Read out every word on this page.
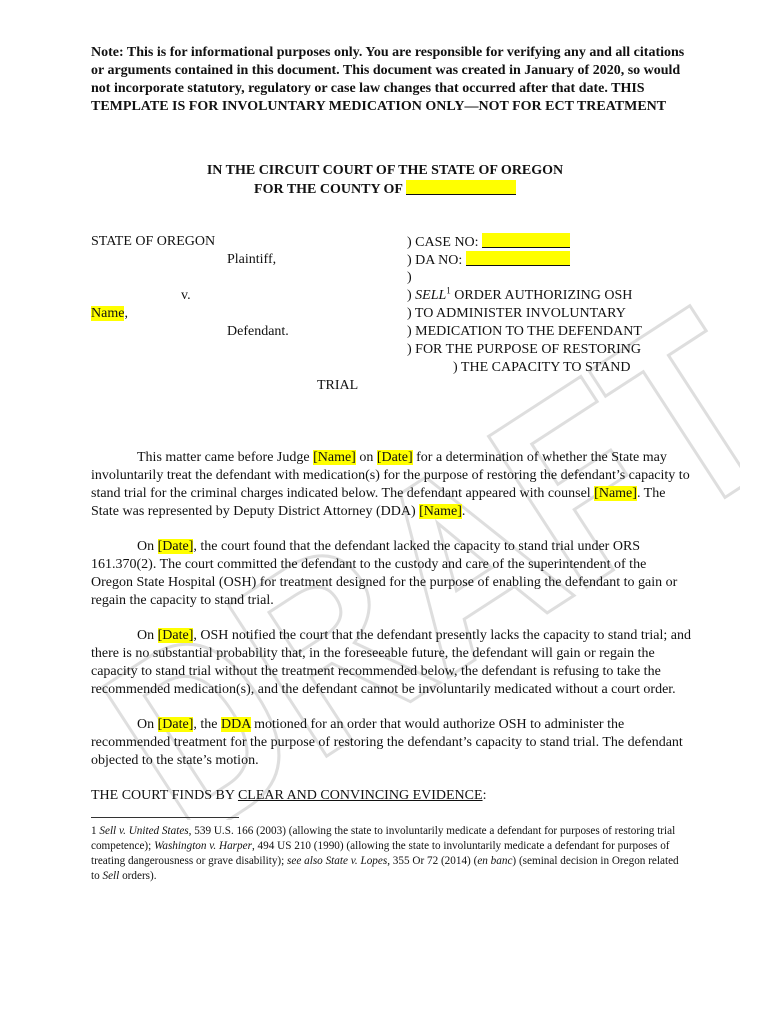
Note: This is for informational purposes only. You are responsible for verifying any and all citations or arguments contained in this document. This document was created in January of 2020, so would not incorporate statutory, regulatory or case law changes that occurred after that date. THIS TEMPLATE IS FOR INVOLUNTARY MEDICATION ONLY—NOT FOR ECT TREATMENT

IN THE CIRCUIT COURT OF THE STATE OF OREGON
FOR THE COUNTY OF
STATE OF OREGON
Plaintiff,
v.
Name,
Defendant.
) CASE NO:
) DA NO:
)
) SELL$^1$ ORDER AUTHORIZING OSH
) TO ADMINISTER INVOLUNTARY
) MEDICATION TO THE DEFENDANT
) FOR THE PURPOSE OF RESTORING
) THE CAPACITY TO STAND
TRIAL

This matter came before Judge [Name] on [Date] for a determination of whether the State may involuntarily treat the defendant with medication(s) for the purpose of restoring the defendant’s capacity to stand trial for the criminal charges indicated below. The defendant appeared with counsel [Name]. The State was represented by Deputy District Attorney (DDA) [Name].

On [Date], the court found that the defendant lacked the capacity to stand trial under ORS 161.370(2). The court committed the defendant to the custody and care of the superintendent of the Oregon State Hospital (OSH) for treatment designed for the purpose of enabling the defendant to gain or regain the capacity to stand trial.

On [Date], OSH notified the court that the defendant presently lacks the capacity to stand trial; and there is no substantial probability that, in the foreseeable future, the defendant will gain or regain the capacity to stand trial without the treatment recommended below, the defendant is refusing to take the recommended medication(s), and the defendant cannot be involuntarily medicated without a court order.

On [Date], the DDA motioned for an order that would authorize OSH to administer the recommended treatment for the purpose of restoring the defendant’s capacity to stand trial. The defendant objected to the state’s motion.

THE COURT FINDS BY CLEAR AND CONVINCING EVIDENCE:
1 Sell v. United States, 539 U.S. 166 (2003) (allowing the state to involuntarily medicate a defendant for purposes of restoring trial competence); Washington v. Harper, 494 US 210 (1990) (allowing the state to involuntarily medicate a defendant for purposes of treating dangerousness or grave disability); see also State v. Lopes, 355 Or 72 (2014) (en banc) (seminal decision in Oregon related to Sell orders).
